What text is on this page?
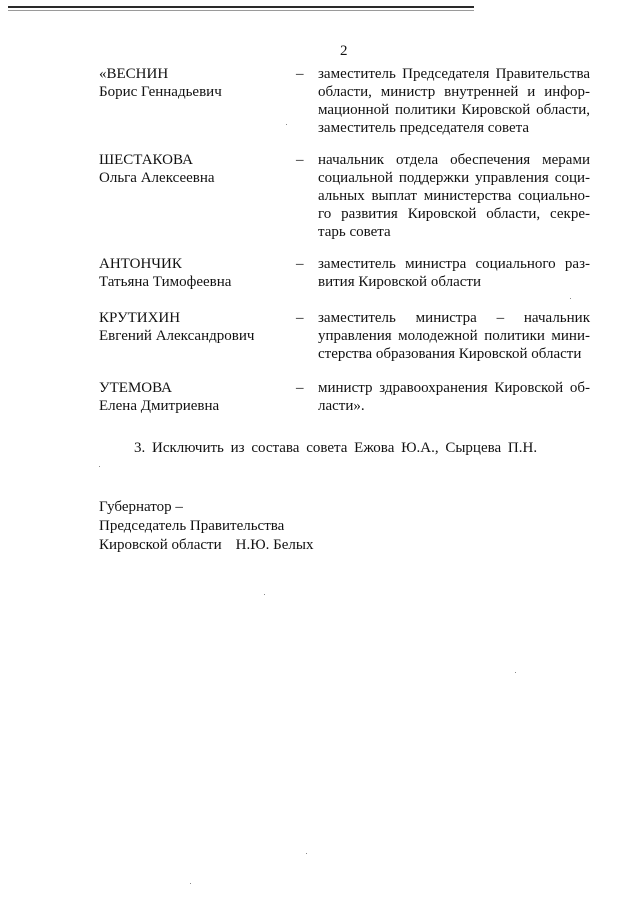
2
«ВЕСНИН
Борис Геннадьевич
– заместитель Председателя Правительства
области, министр внутренней и инфор-
мационной политики Кировской области,
заместитель председателя совета
ШЕСТАКОВА
Ольга Алексеевна
– начальник отдела обеспечения мерами
социальной поддержки управления соци-
альных выплат министерства социально-
го развития Кировской области, секре-
тарь совета
АНТОНЧИК
Татьяна Тимофеевна
– заместитель министра социального раз-
вития Кировской области
КРУТИХИН
Евгений Александрович
– заместитель министра – начальник
управления молодежной политики мини-
стерства образования Кировской области
УТЕМОВА
Елена Дмитриевна
– министр здравоохранения Кировской об-
ласти».
3. Исключить из состава совета Ежова Ю.А., Сырцева П.Н.
Губернатор –
Председатель Правительства
Кировской области Н.Ю. Белых
